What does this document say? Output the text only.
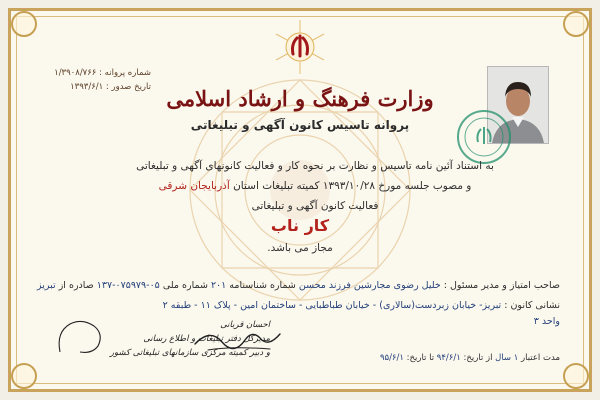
شماره پروانه : ۱/۳۹۰۸/۷۶۶
تاریخ صدور : ۱۳۹۳/۶/۱	وزارت فرهنگ و ارشاد اسلامی
پروانه تاسیس کانون آگهی و تبلیغاتی
به استناد آئین نامه تاسیس و نظارت بر نحوه کار و فعالیت کانونهای آگهی و تبلیغاتی
و مصوب جلسه مورخ ۱۳۹۳/۱۰/۲۸ کمیته تبلیغات استان آذربایجان شرقی
فعالیت کانون آگهی و تبلیغاتی
کار ناب
مجاز می باشد.
صاحب امتیاز و مدیر مسئول : خلیل رضوی مجارشین فرزند محسن شماره شناسنامه ۲۰۱ شماره ملی ۰۵-۰۷۵۹۷۹-۱۳۷ صادره از تبریز
نشانی کانون : تبریز- خیابان زبردست(سالاری) - خیابان طباطبایی - ساختمان امین - پلاک ۱۱ - طبقه ۲
واحد ۳
مدت اعتبار ۱ سال از تاریخ: ۹۴/۶/۱ تا تاریخ: ۹۵/۶/۱
احسان قربانی
مدیرکل دفتر تبلیغات و اطلاع رسانی
و دبیر کمیته مرکزی سازمانهای تبلیغاتی کشور
